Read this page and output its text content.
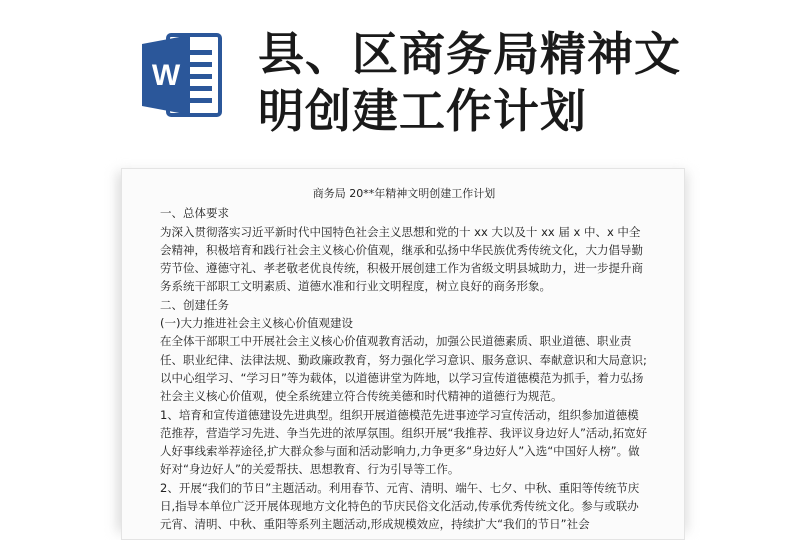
W 县、区商务局精神文
明创建工作计划
商务局 20**年精神文明创建工作计划

一、总体要求

为深入贯彻落实习近平新时代中国特色社会主义思想和党的十 xx 大以及十 xx 届 x 中、x 中全会精神，积极培育和践行社会主义核心价值观，继承和弘扬中华民族优秀传统文化，大力倡导勤劳节俭、遵德守礼、孝老敬老优良传统，积极开展创建工作为省级文明县城助力，进一步提升商务系统干部职工文明素质、道德水准和行业文明程度，树立良好的商务形象。

二、创建任务

(一)大力推进社会主义核心价值观建设

在全体干部职工中开展社会主义核心价值观教育活动，加强公民道德素质、职业道德、职业责任、职业纪律、法律法规、勤政廉政教育，努力强化学习意识、服务意识、奉献意识和大局意识;以中心组学习、“学习日”等为载体，以道德讲堂为阵地，以学习宣传道德模范为抓手，着力弘扬社会主义核心价值观，使全系统建立符合传统美德和时代精神的道德行为规范。

1、培育和宣传道德建设先进典型。组织开展道德模范先进事迹学习宣传活动，组织参加道德模范推荐，营造学习先进、争当先进的浓厚氛围。组织开展“我推荐、我评议身边好人”活动,拓宽好人好事线索举荐途径,扩大群众参与面和活动影响力,力争更多“身边好人”入选“中国好人榜”。做好对“身边好人”的关爱帮扶、思想教育、行为引导等工作。

2、开展“我们的节日”主题活动。利用春节、元宵、清明、端午、七夕、中秋、重阳等传统节庆日,指导本单位广泛开展体现地方文化特色的节庆民俗文化活动,传承优秀传统文化。参与或联办元宵、清明、中秋、重阳等系列主题活动,形成规模效应，持续扩大“我们的节日”社会
